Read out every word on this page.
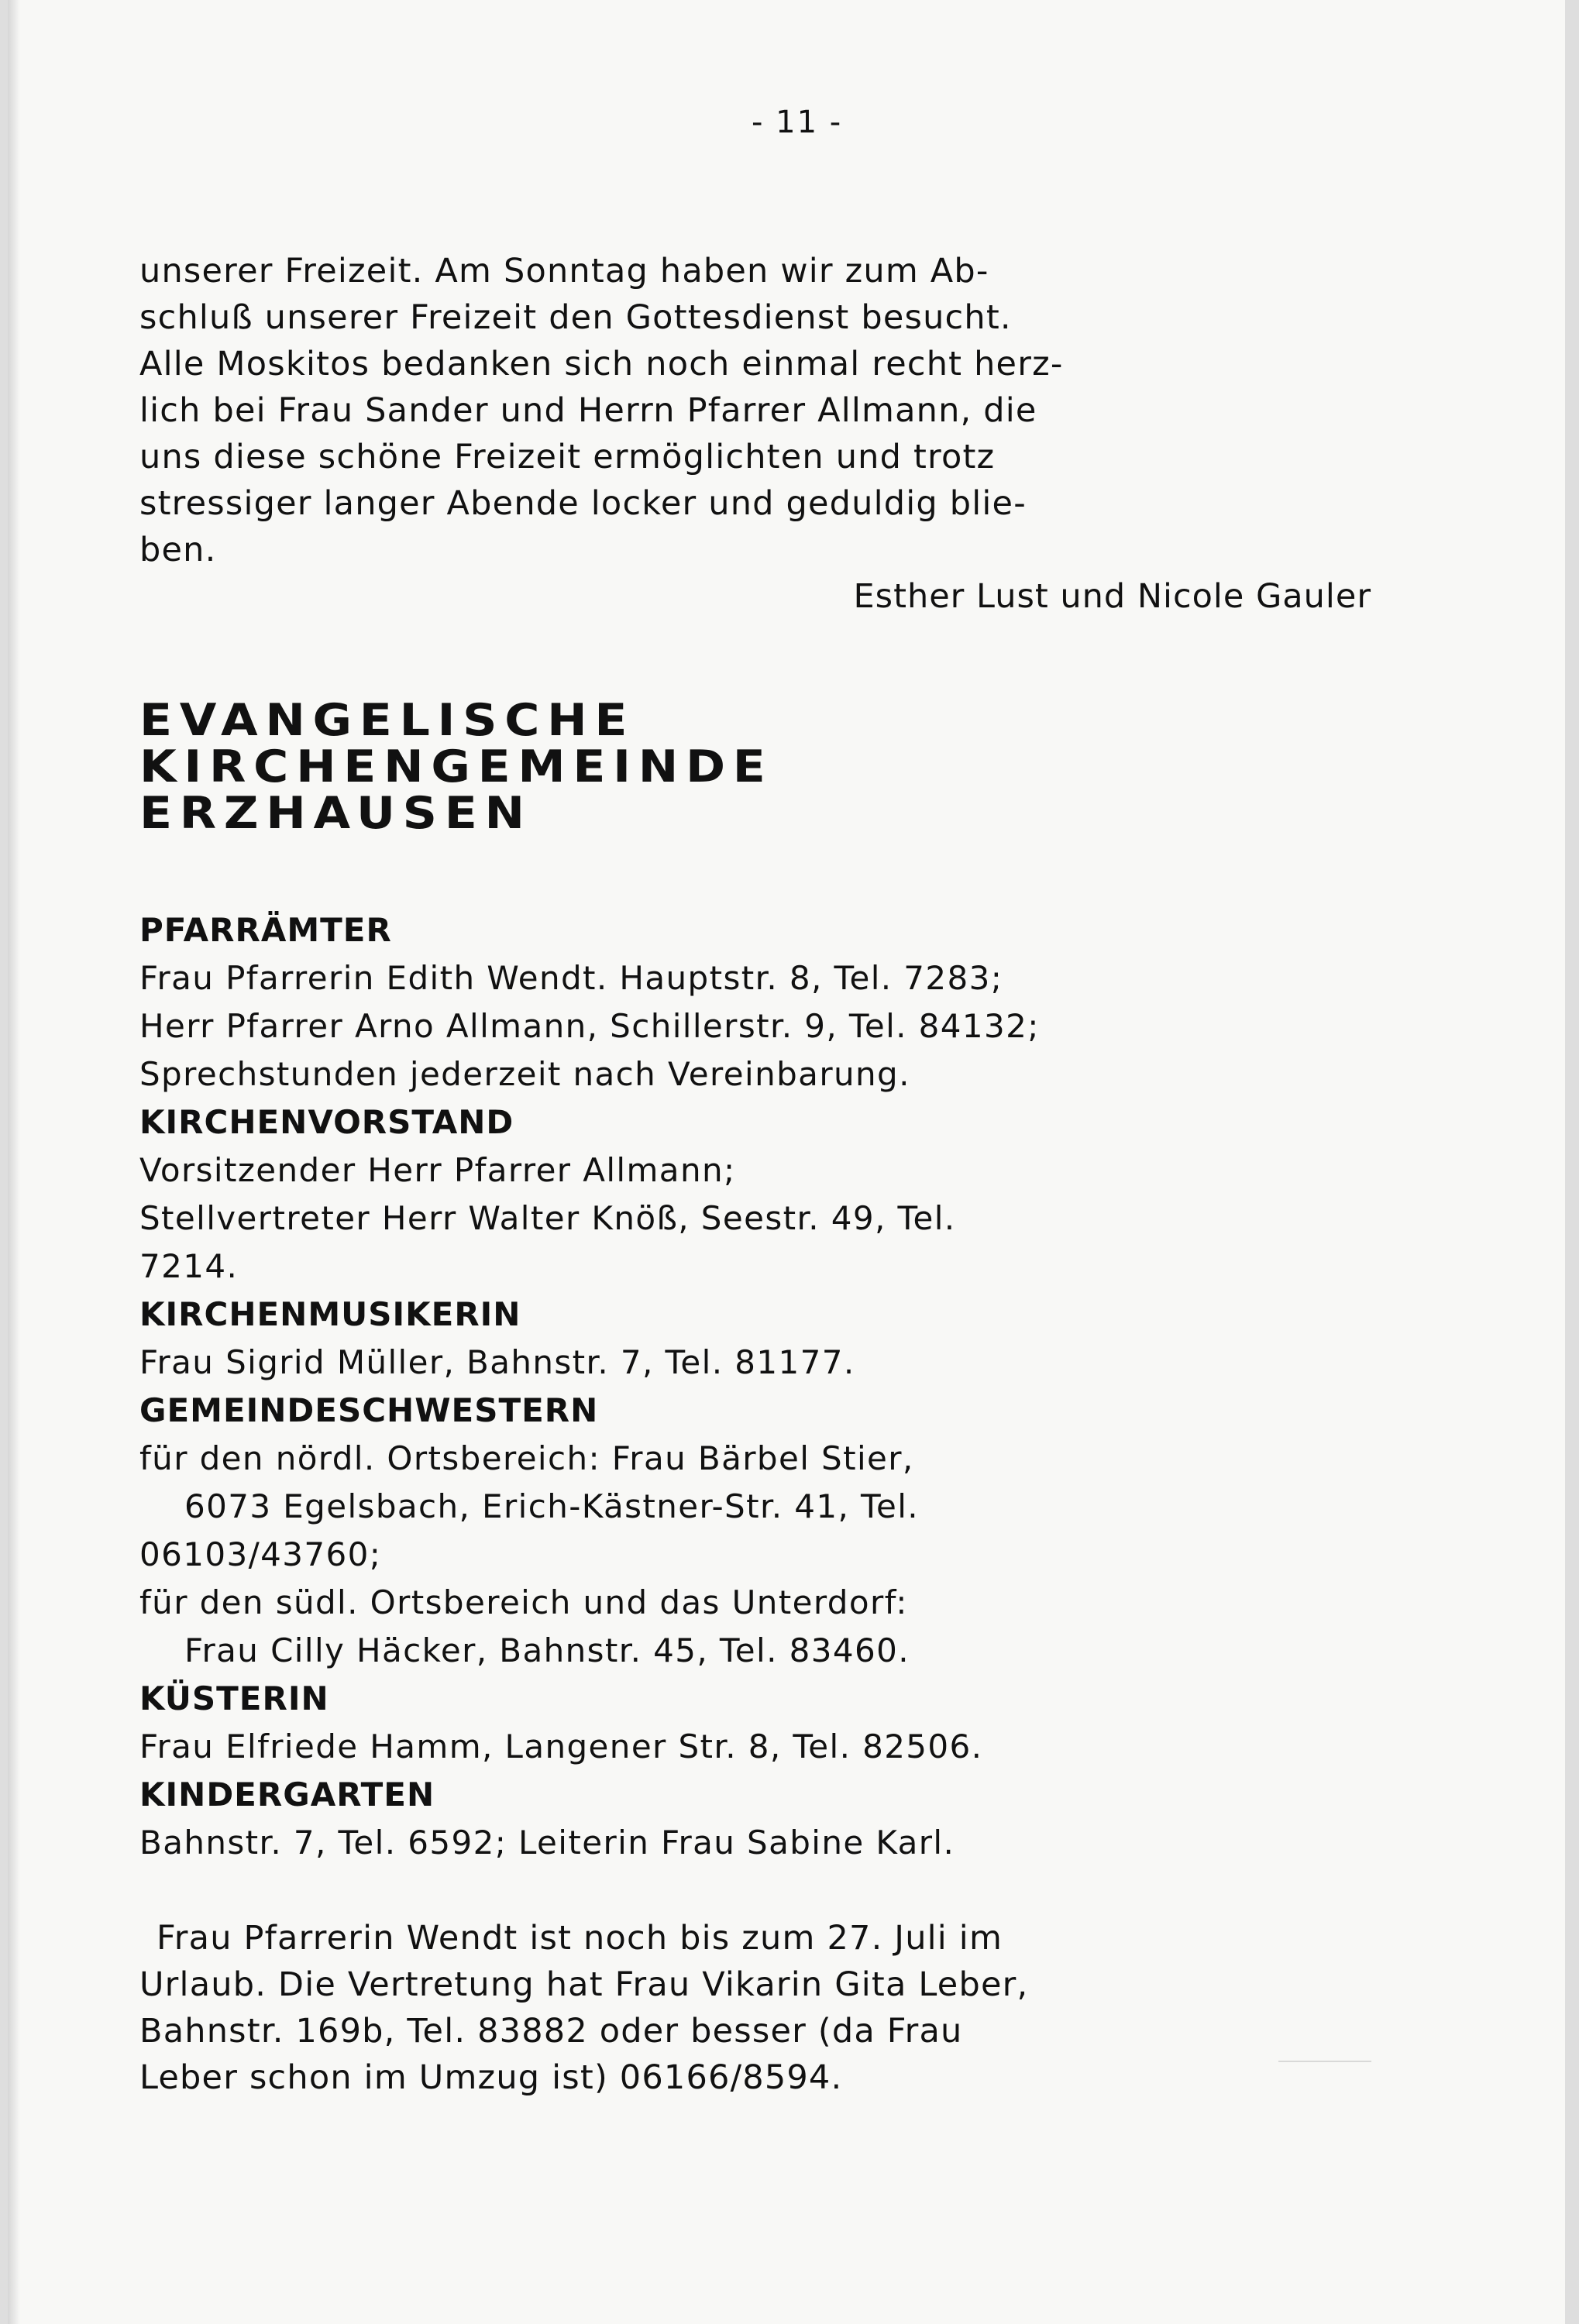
- 11 -

unserer Freizeit. Am Sonntag haben wir zum Ab-

schluß unserer Freizeit den Gottesdienst besucht.

Alle Moskitos bedanken sich noch einmal recht herz-

lich bei Frau Sander und Herrn Pfarrer Allmann, die

uns diese schöne Freizeit ermöglichten und trotz

stressiger langer Abende locker und geduldig blie-

ben.

Esther Lust und Nicole Gauler

EVANGELISCHE
KIRCHENGEMEINDE
ERZHAUSEN

PFARRÄMTER

Frau Pfarrerin Edith Wendt. Hauptstr. 8, Tel. 7283;

Herr Pfarrer Arno Allmann, Schillerstr. 9, Tel. 84132;

Sprechstunden jederzeit nach Vereinbarung.

KIRCHENVORSTAND

Vorsitzender Herr Pfarrer Allmann;

Stellvertreter Herr Walter Knöß, Seestr. 49, Tel.

7214.

KIRCHENMUSIKERIN

Frau Sigrid Müller, Bahnstr. 7, Tel. 81177.

GEMEINDESCHWESTERN

für den nördl. Ortsbereich: Frau Bärbel Stier,

6073 Egelsbach, Erich-Kästner-Str. 41, Tel.

06103/43760;

für den südl. Ortsbereich und das Unterdorf:

Frau Cilly Häcker, Bahnstr. 45, Tel. 83460.

KÜSTERIN

Frau Elfriede Hamm, Langener Str. 8, Tel. 82506.

KINDERGARTEN

Bahnstr. 7, Tel. 6592; Leiterin Frau Sabine Karl.

Frau Pfarrerin Wendt ist noch bis zum 27. Juli im

Urlaub. Die Vertretung hat Frau Vikarin Gita Leber,

Bahnstr. 169b, Tel. 83882 oder besser (da Frau

Leber schon im Umzug ist) 06166/8594.
